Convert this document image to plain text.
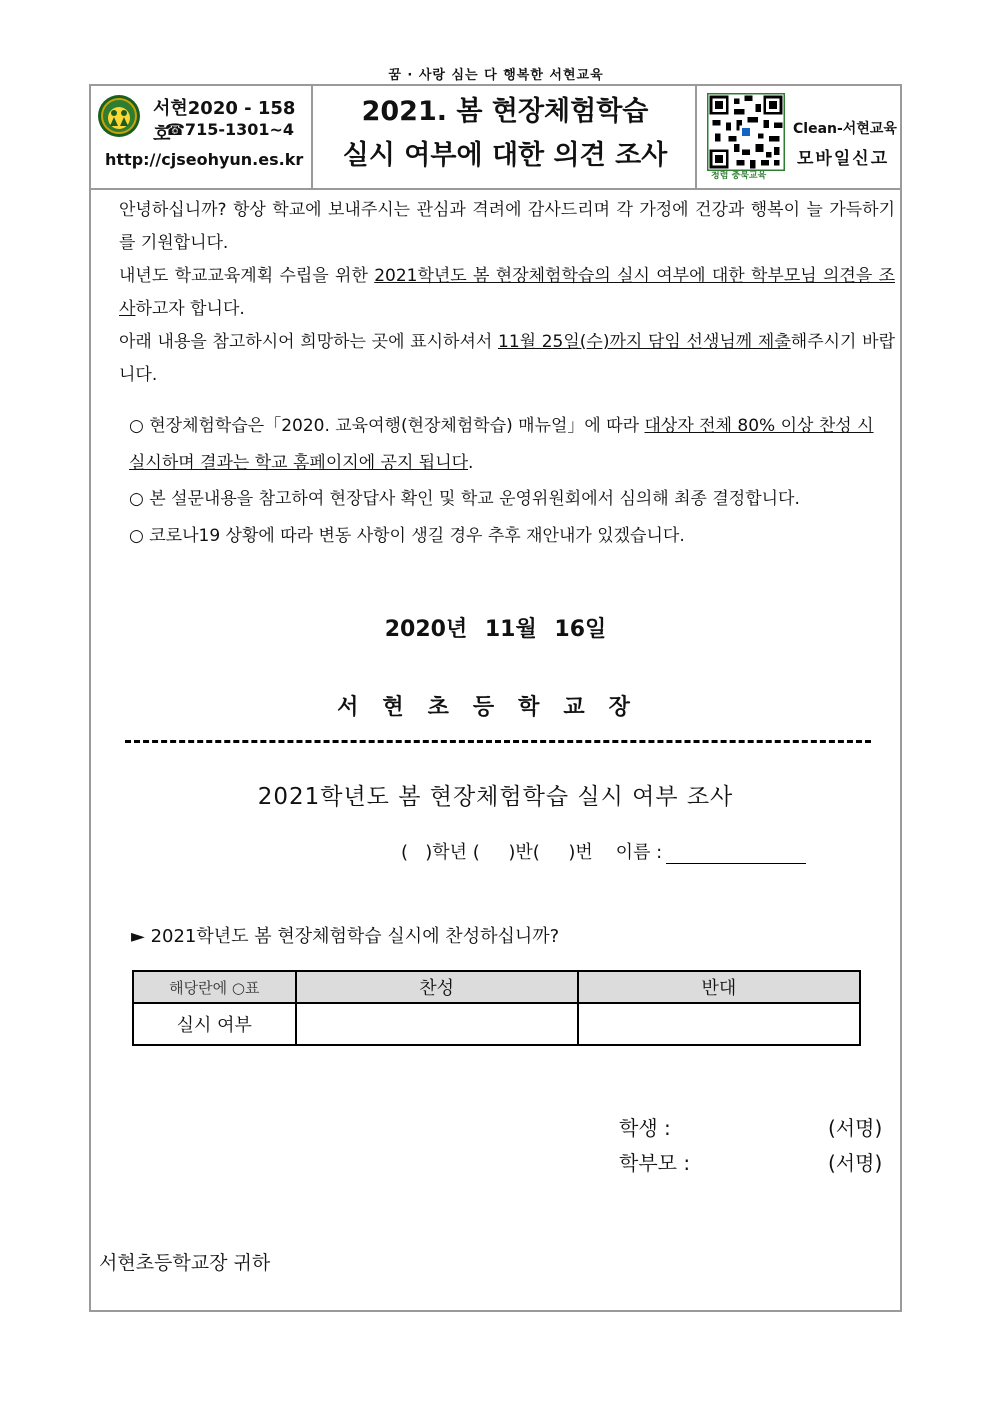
꿈 · 사랑 심는 다 행복한 서현교육
서현2020 - 158호
☎715-1301~4
http://cjseohyun.es.kr
2021. 봄 현장체험학습
실시 여부에 대한 의견 조사
청렴 충북교육
Clean-서현교육
모바일신고
안녕하십니까? 항상 학교에 보내주시는 관심과 격려에 감사드리며 각 가정에 건강과 행복이 늘 가득하기를 기원합니다.
내년도 학교교육계획 수립을 위한 2021학년도 봄 현장체험학습의 실시 여부에 대한 학부모님 의견을 조사하고자 합니다.
아래 내용을 참고하시어 희망하는 곳에 표시하셔서 11월 25일(수)까지 담임 선생님께 제출해주시기 바랍니다.
○ 현장체험학습은「2020. 교육여행(현장체험학습) 매뉴얼」에 따라 대상자 전체 80% 이상 찬성 시 실시하며 결과는 학교 홈페이지에 공지 됩니다.
○ 본 설문내용을 참고하여 현장답사 확인 및 학교 운영위원회에서 심의해 최종 결정합니다.
○ 코로나19 상황에 따라 변동 사항이 생길 경우 추후 재안내가 있겠습니다.
2020년 11월 16일
서현초등학교장
2021학년도 봄 현장체험학습 실시 여부 조사
(   )학년 (     )반(     )번    이름 :
► 2021학년도 봄 현장체험학습 실시에 찬성하십니까?
해당란에 ○표	찬성	반대
실시 여부		
학생 :	(서명)
학부모 :	(서명)
서현초등학교장 귀하
